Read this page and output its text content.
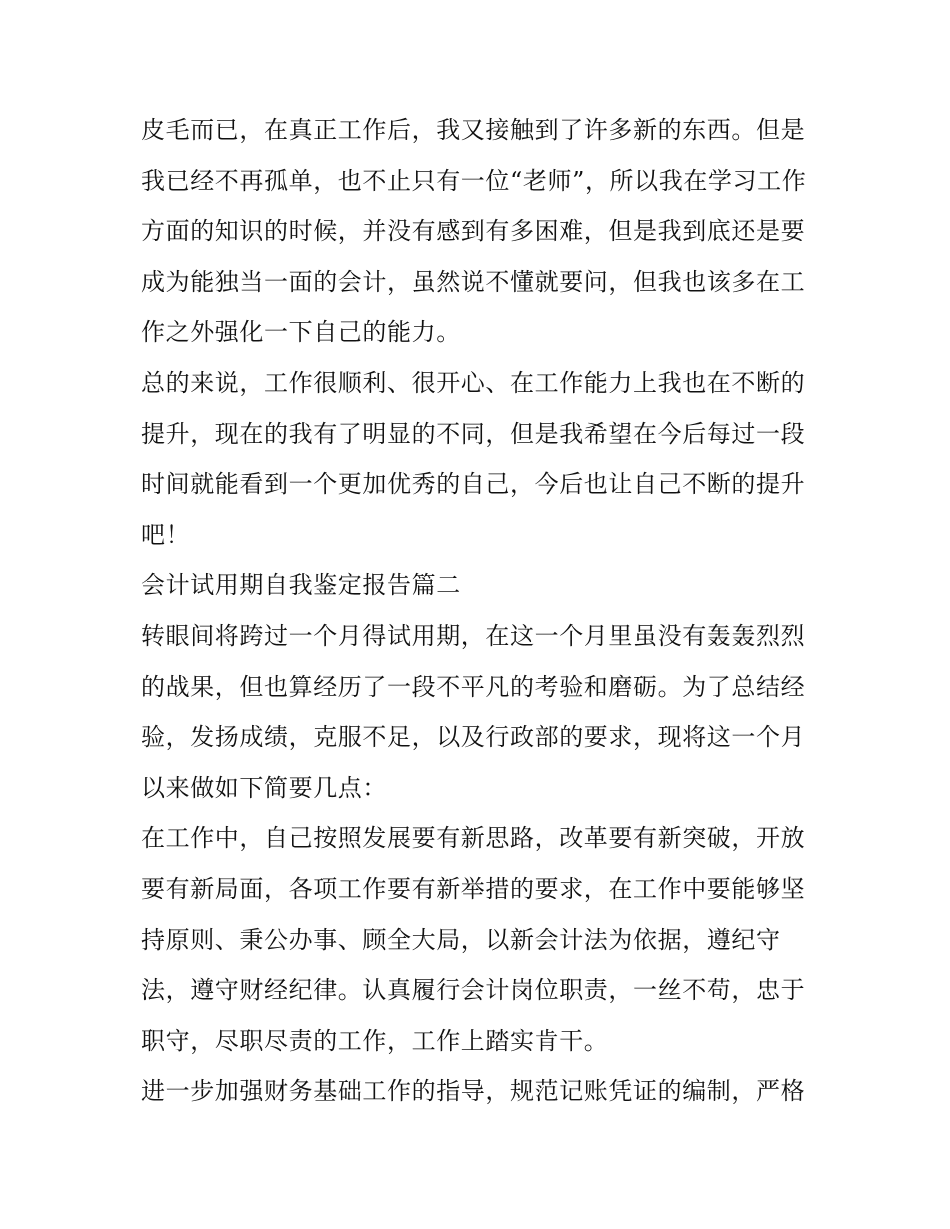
皮毛而已，在真正工作后，我又接触到了许多新的东西。但是
我已经不再孤单，也不止只有一位“老师”，所以我在学习工作
方面的知识的时候，并没有感到有多困难，但是我到底还是要
成为能独当一面的会计，虽然说不懂就要问，但我也该多在工
作之外强化一下自己的能力。
总的来说，工作很顺利、很开心、在工作能力上我也在不断的
提升，现在的我有了明显的不同，但是我希望在今后每过一段
时间就能看到一个更加优秀的自己，今后也让自己不断的提升
吧！
会计试用期自我鉴定报告篇二
转眼间将跨过一个月得试用期，在这一个月里虽没有轰轰烈烈
的战果，但也算经历了一段不平凡的考验和磨砺。为了总结经
验，发扬成绩，克服不足，以及行政部的要求，现将这一个月
以来做如下简要几点：
在工作中，自己按照发展要有新思路，改革要有新突破，开放
要有新局面，各项工作要有新举措的要求，在工作中要能够坚
持原则、秉公办事、顾全大局，以新会计法为依据，遵纪守
法，遵守财经纪律。认真履行会计岗位职责，一丝不苟，忠于
职守，尽职尽责的工作，工作上踏实肯干。
进一步加强财务基础工作的指导，规范记账凭证的编制，严格
